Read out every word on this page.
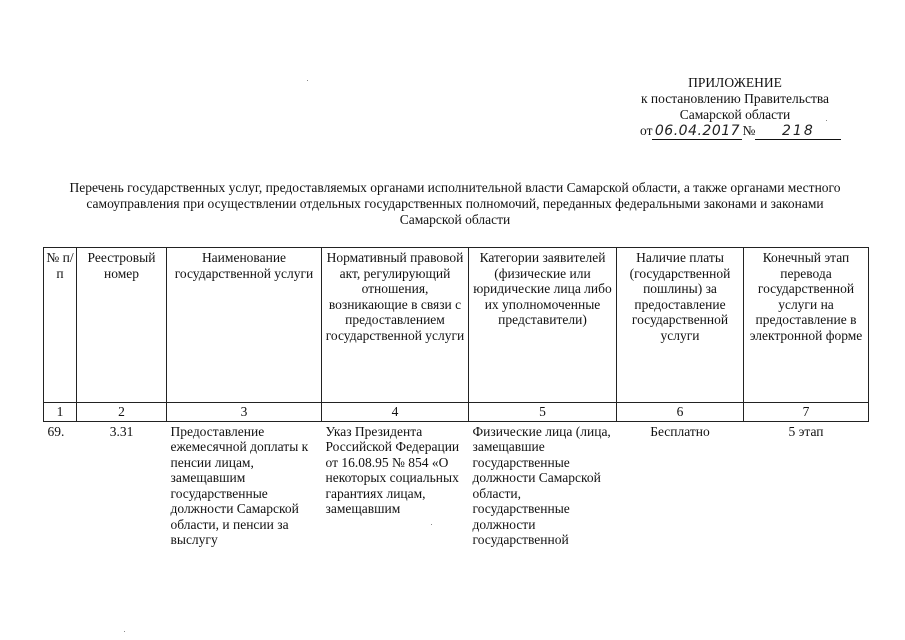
ПРИЛОЖЕНИЕ
к постановлению Правительства
Самарской области
от 06.04.2017 № 218
Перечень государственных услуг, предоставляемых органами исполнительной власти Самарской области, а также органами местного самоуправления при осуществлении отдельных государственных полномочий, переданных федеральными законами и законами Самарской области
№ п/п	Реестровый номер	Наименование государственной услуги	Нормативный правовой акт, регулирующий отношения, возникающие в связи с предоставлением государственной услуги	Категории заявителей (физические или юридические лица либо их уполномоченные представители)	Наличие платы (государственной пошлины) за предоставление государственной услуги	Конечный этап перевода государственной услуги на предоставление в электронной форме
1	2	3	4	5	6	7
69.	3.31	Предоставление ежемесячной доплаты к пенсии лицам, замещавшим государственные должности Самарской области, и пенсии за выслугу	Указ Президента Российской Федерации от 16.08.95 № 854 «О некоторых социальных гарантиях лицам, замещавшим	Физические лица (лица, замещавшие государственные должности Самарской области, государственные должности государственной	Бесплатно	5 этап
